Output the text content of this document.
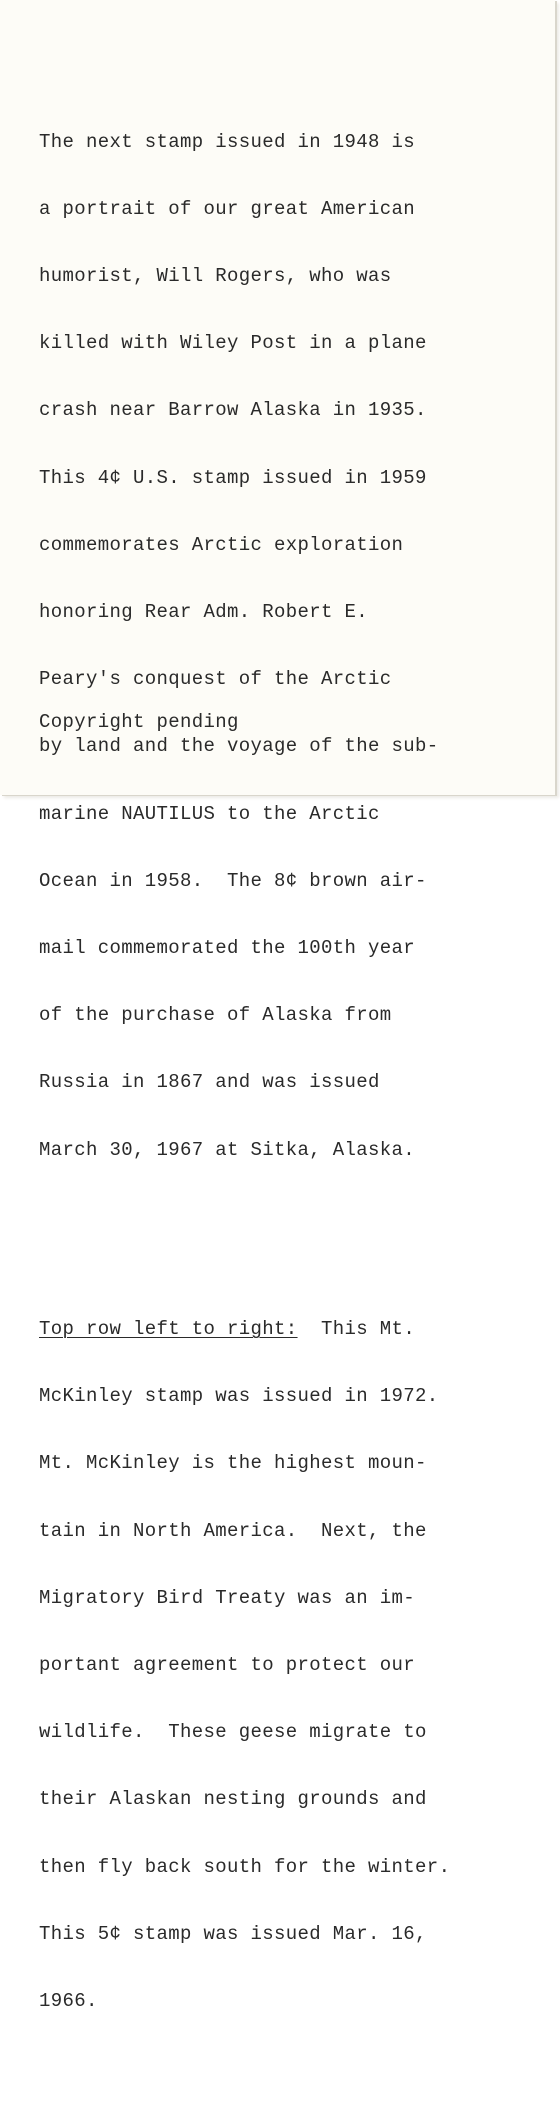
The next stamp issued in 1948 is

a portrait of our great American

humorist, Will Rogers, who was

killed with Wiley Post in a plane

crash near Barrow Alaska in 1935.

This 4¢ U.S. stamp issued in 1959

commemorates Arctic exploration

honoring Rear Adm. Robert E.

Peary's conquest of the Arctic

by land and the voyage of the sub-

marine NAUTILUS to the Arctic

Ocean in 1958.  The 8¢ brown air-

mail commemorated the 100th year

of the purchase of Alaska from

Russia in 1867 and was issued

March 30, 1967 at Sitka, Alaska.

Top row left to right:  This Mt.

McKinley stamp was issued in 1972.

Mt. McKinley is the highest moun-

tain in North America.  Next, the

Migratory Bird Treaty was an im-

portant agreement to protect our

wildlife.  These geese migrate to

their Alaskan nesting grounds and

then fly back south for the winter.

This 5¢ stamp was issued Mar. 16,

1966.

Copyright pending
